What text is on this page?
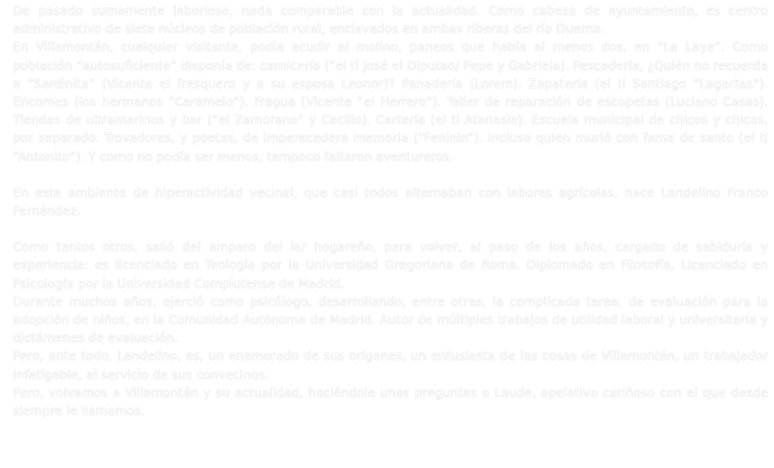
De pasado sumamente laborioso, nada comparable con la actualidad. Como cabeza de ayuntamiento, es centro administrativo de siete núcleos de población rural, enclavados en ambas riberas del río Duerna.

En Villamontán, cualquier visitante, podía acudir al molino, paneos que había al menos dos, en “La Laya”. Como población “autosuficiente” disponía de: carnicería (“el ti José el Diputao/ Pepe y Gabriela). Pescadería, ¿Quién no recuerda a “Sardinita” (Vicente el fresquero y a su esposa Leonor)? Panadería (Lorem). Zapatería (el ti Santiago “Lagartas”). Encomes (los hermanos “Caramelo”). Fragua (Vicente “el Herrero”). Taller de reparación de escopetas (Luciano Casas). Tiendas de ultramarinos y bar (“el Zamorano” y Cecilio). Cartería (el ti Atanasio). Escuela municipal de chicos y chicas, por separado. Trovadores, y poetas, de imperecedera memoria (“Feninin”). Incluso quien murió con fama de santo (el ti “Antonito”). Y como no podía ser menos, tampoco faltaron aventureros.

En este ambiente de hiperactividad vecinal, que casi todos alternaban con labores agrícolas, nace Landelino Franco Fernández.

Como tantos otros, salió del amparo del lar hogareño, para volver, al paso de los años, cargado de sabiduría y experiencia: es licenciado en Teología por la Universidad Gregoriana de Roma. Diplomado en Filosofía, Licenciado en Psicología por la Universidad Complutense de Madrid.

Durante muchos años, ejerció como psicólogo, desarrollando, entre otras, la complicada tarea, de evaluación para la adopción de niños, en la Comunidad Autónoma de Madrid. Autor de múltiples trabajos de utilidad laboral y universitaria y dictámenes de evaluación.

Pero, ante todo, Landelino, es, un enamorado de sus orígenes, un entusiasta de las cosas de Villamontán, un trabajador infatigable, al servicio de sus convecinos.

Pero, volvamos a Villamontán y su actualidad, haciéndole unas preguntas a Laude, apelativo cariñoso con el que desde siempre le llamamos.
